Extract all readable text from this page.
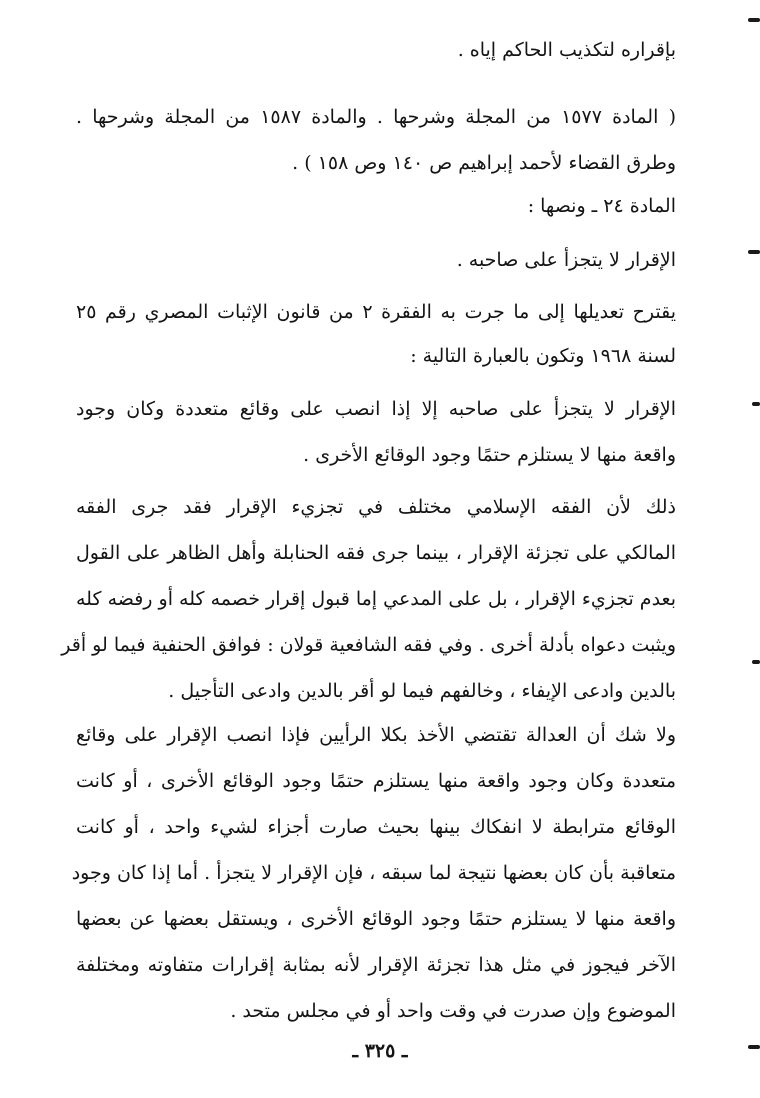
بإقراره لتكذيب الحاكم إياه .
( المادة ١٥٧٧ من المجلة وشرحها . والمادة ١٥٨٧ من المجلة وشرحها .
وطرق القضاء لأحمد إبراهيم ص ١٤٠ وص ١٥٨ ) .
المادة ٢٤ ـ ونصها :
الإقرار لا يتجزأ على صاحبه .
يقترح تعديلها إلى ما جرت به الفقرة ٢ من قانون الإثبات المصري رقم ٢٥
لسنة ١٩٦٨ وتكون بالعبارة التالية :
الإقرار لا يتجزأ على صاحبه إلا إذا انصب على وقائع متعددة وكان وجود
واقعة منها لا يستلزم حتمًا وجود الوقائع الأخرى .
ذلك لأن الفقه الإسلامي مختلف في تجزيء الإقرار فقد جرى الفقه
المالكي على تجزئة الإقرار ، بينما جرى فقه الحنابلة وأهل الظاهر على القول
بعدم تجزيء الإقرار ، بل على المدعي إما قبول إقرار خصمه كله أو رفضه كله
ويثبت دعواه بأدلة أخرى . وفي فقه الشافعية قولان : فوافق الحنفية فيما لو أقر
بالدين وادعى الإيفاء ، وخالفهم فيما لو أقر بالدين وادعى التأجيل .
ولا شك أن العدالة تقتضي الأخذ بكلا الرأيين فإذا انصب الإقرار على وقائع
متعددة وكان وجود واقعة منها يستلزم حتمًا وجود الوقائع الأخرى ، أو كانت
الوقائع مترابطة لا انفكاك بينها بحيث صارت أجزاء لشيء واحد ، أو كانت
متعاقبة بأن كان بعضها نتيجة لما سبقه ، فإن الإقرار لا يتجزأ . أما إذا كان وجود
واقعة منها لا يستلزم حتمًا وجود الوقائع الأخرى ، ويستقل بعضها عن بعضها
الآخر فيجوز في مثل هذا تجزئة الإقرار لأنه بمثابة إقرارات متفاوته ومختلفة
الموضوع وإن صدرت في وقت واحد أو في مجلس متحد .
ـ ٣٢٥ ـ
